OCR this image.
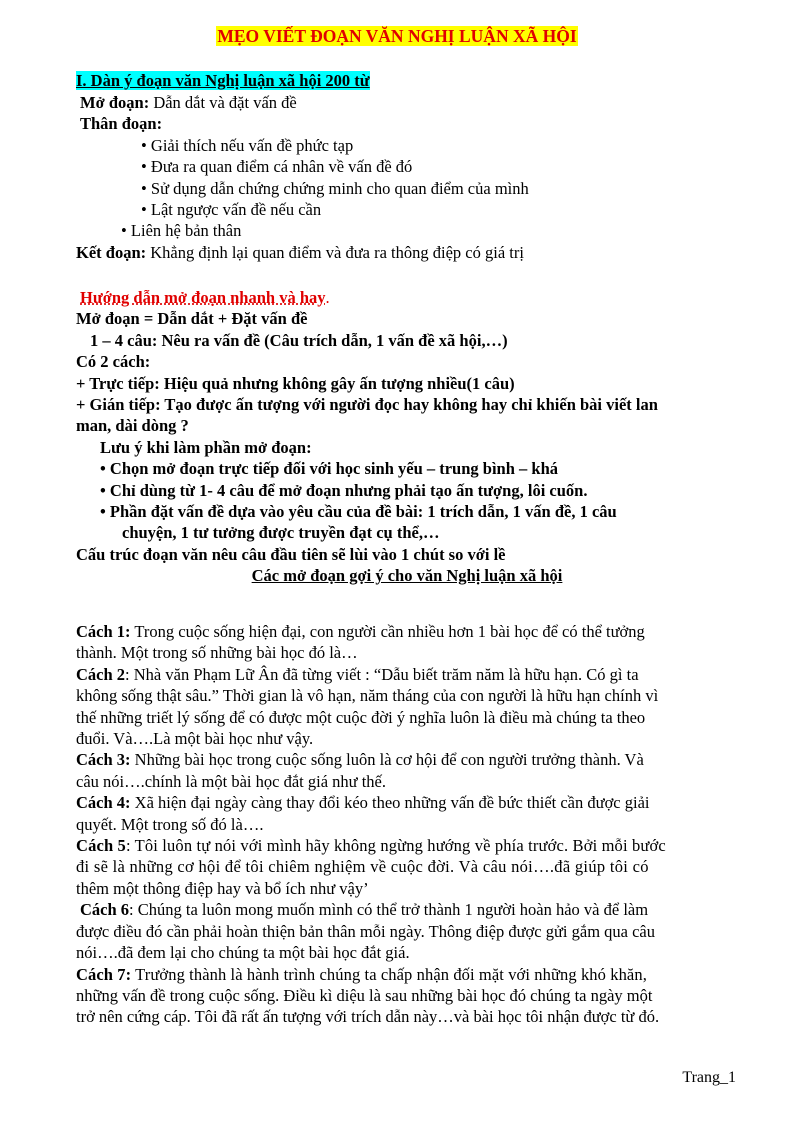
MẸO VIẾT ĐOẠN VĂN NGHỊ LUẬN XÃ HỘI
I. Dàn ý đoạn văn Nghị luận xã hội 200 từ
Mở đoạn: Dẫn dắt và đặt vấn đề
Thân đoạn:
• Giải thích nếu vấn đề phức tạp
• Đưa ra quan điểm cá nhân về vấn đề đó
• Sử dụng dẫn chứng chứng minh cho quan điểm của mình
• Lật ngược vấn đề nếu cần
• Liên hệ bản thân
Kết đoạn: Khẳng định lại quan điểm và đưa ra thông điệp có giá trị
Hướng dẫn mở đoạn nhanh và hay.
Mở đoạn = Dẫn dắt + Đặt vấn đề
1 – 4 câu: Nêu ra vấn đề (Câu trích dẫn, 1 vấn đề xã hội,…)
Có 2 cách:
+ Trực tiếp: Hiệu quả nhưng không gây ấn tượng nhiều(1 câu)
+ Gián tiếp: Tạo được ấn tượng với người đọc hay không hay chỉ khiến bài viết lan
man, dài dòng ?
Lưu ý khi làm phần mở đoạn:
• Chọn mở đoạn trực tiếp đối với học sinh yếu – trung bình – khá
• Chỉ dùng từ 1- 4 câu để mở đoạn nhưng phải tạo ấn tượng, lôi cuốn.
• Phần đặt vấn đề dựa vào yêu cầu của đề bài: 1 trích dẫn, 1 vấn đề, 1 câu
chuyện, 1 tư tưởng được truyền đạt cụ thể,…
Cấu trúc đoạn văn nêu câu đầu tiên sẽ lùi vào 1 chút so với lề
Các mở đoạn gợi ý cho văn Nghị luận xã hội
Cách 1: Trong cuộc sống hiện đại, con người cần nhiều hơn 1 bài học để có thể tưởng
thành. Một trong số những bài học đó là…
Cách 2: Nhà văn Phạm Lữ Ân đã từng viết : “Dẫu biết trăm năm là hữu hạn. Có gì ta
không sống thật sâu.” Thời gian là vô hạn, năm tháng của con người là hữu hạn chính vì
thế những triết lý sống để có được một cuộc đời ý nghĩa luôn là điều mà chúng ta theo
đuổi. Và….Là một bài học như vậy.
Cách 3: Những bài học trong cuộc sống luôn là cơ hội để con người trưởng thành. Và
câu nói….chính là một bài học đắt giá như thế.
Cách 4: Xã hiện đại ngày càng thay đổi kéo theo những vấn đề bức thiết cần được giải
quyết. Một trong số đó là….
Cách 5: Tôi luôn tự nói với mình hãy không ngừng hướng về phía trước. Bởi mỗi bước
đi sẽ là những cơ hội để tôi chiêm nghiệm về cuộc đời. Và câu nói….đã giúp tôi có
thêm một thông điệp hay và bổ ích như vậy’
Cách 6: Chúng ta luôn mong muốn mình có thể trở thành 1 người hoàn hảo và để làm
được điều đó cần phải hoàn thiện bản thân mỗi ngày. Thông điệp được gửi gắm qua câu
nói….đã đem lại cho chúng ta một bài học đắt giá.
Cách 7: Trưởng thành là hành trình chúng ta chấp nhận đối mặt với những khó khăn,
những vấn đề trong cuộc sống. Điều kì diệu là sau những bài học đó chúng ta ngày một
trở nên cứng cáp. Tôi đã rất ấn tượng với trích dẫn này…và bài học tôi nhận được từ đó.
Trang_1
